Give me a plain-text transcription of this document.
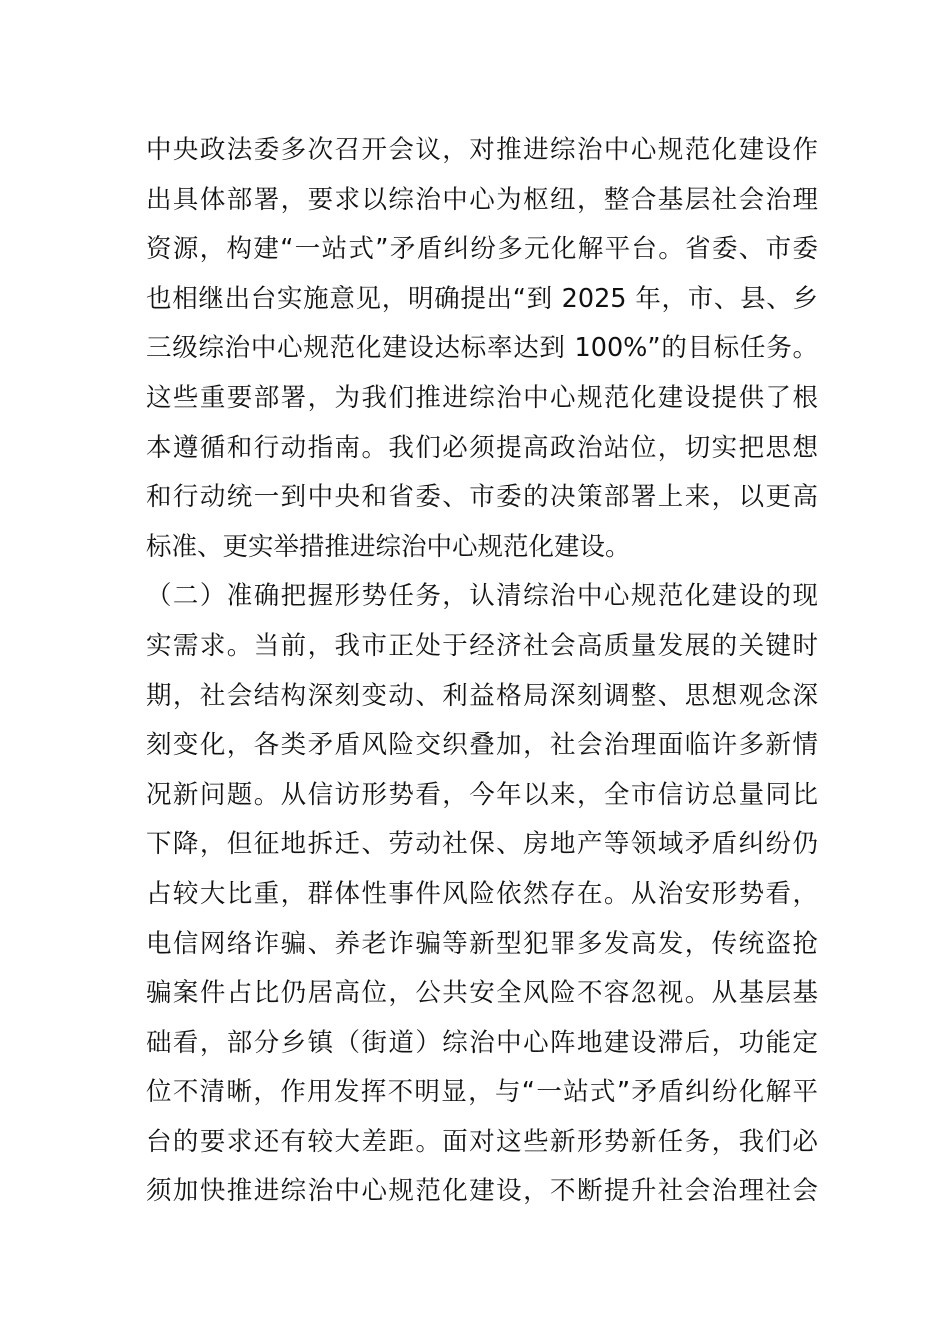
中央政法委多次召开会议，对推进综治中心规范化建设作
出具体部署，要求以综治中心为枢纽，整合基层社会治理
资源，构建“一站式”矛盾纠纷多元化解平台。省委、市委
也相继出台实施意见，明确提出“到 2025 年，市、县、乡
三级综治中心规范化建设达标率达到 100%”的目标任务。
这些重要部署，为我们推进综治中心规范化建设提供了根
本遵循和行动指南。我们必须提高政治站位，切实把思想
和行动统一到中央和省委、市委的决策部署上来，以更高
标准、更实举措推进综治中心规范化建设。
（二）准确把握形势任务，认清综治中心规范化建设的现
实需求。当前，我市正处于经济社会高质量发展的关键时
期，社会结构深刻变动、利益格局深刻调整、思想观念深
刻变化，各类矛盾风险交织叠加，社会治理面临许多新情
况新问题。从信访形势看，今年以来，全市信访总量同比
下降，但征地拆迁、劳动社保、房地产等领域矛盾纠纷仍
占较大比重，群体性事件风险依然存在。从治安形势看，
电信网络诈骗、养老诈骗等新型犯罪多发高发，传统盗抢
骗案件占比仍居高位，公共安全风险不容忽视。从基层基
础看，部分乡镇（街道）综治中心阵地建设滞后，功能定
位不清晰，作用发挥不明显，与“一站式”矛盾纠纷化解平
台的要求还有较大差距。面对这些新形势新任务，我们必
须加快推进综治中心规范化建设，不断提升社会治理社会
